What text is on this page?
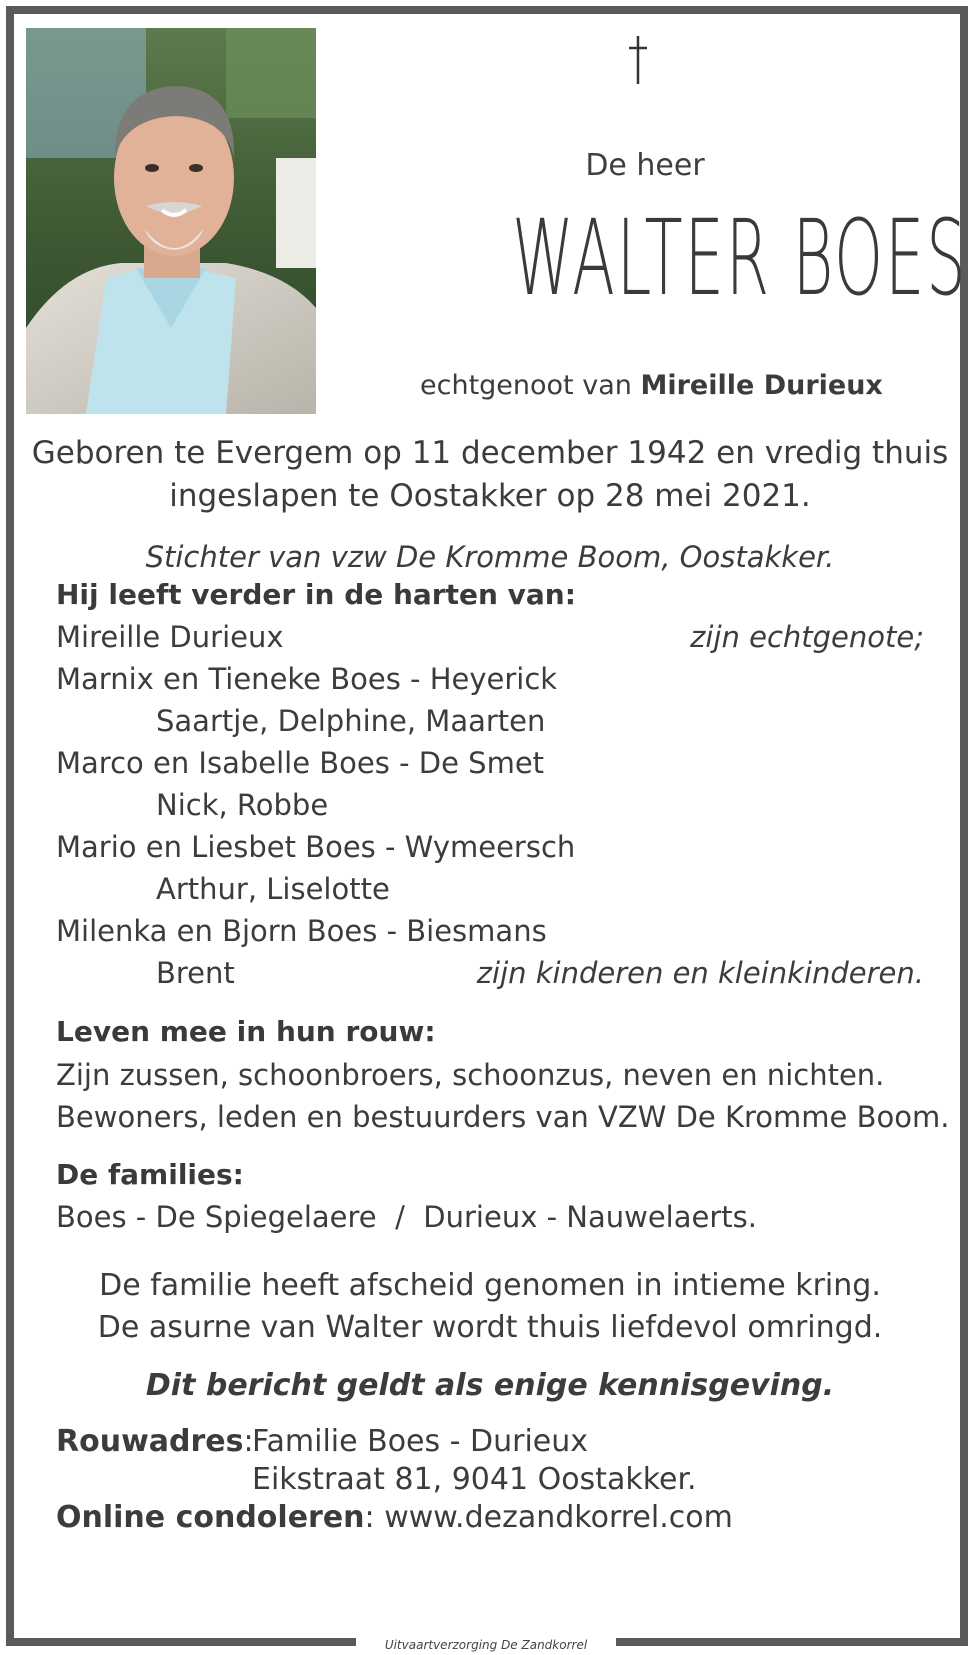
Uitvaartverzorging De Zandkorrel
De heer
WALTER BOES
echtgenoot van Mireille Durieux
Geboren te Evergem op 11 december 1942 en vredig thuis
ingeslapen te Oostakker op 28 mei 2021.
Stichter van vzw De Kromme Boom, Oostakker.
Hij leeft verder in de harten van:
Mireille Durieux	zijn echtgenote;
Marnix en Tieneke Boes - Heyerick
Saartje, Delphine, Maarten
Marco en Isabelle Boes - De Smet
Nick, Robbe
Mario en Liesbet Boes - Wymeersch
Arthur, Liselotte
Milenka en Bjorn Boes - Biesmans
Brent	zijn kinderen en kleinkinderen.
Leven mee in hun rouw:
Zijn zussen, schoonbroers, schoonzus, neven en nichten.
Bewoners, leden en bestuurders van VZW De Kromme Boom.
De families:
Boes - De Spiegelaere  /  Durieux - Nauwelaerts.
De familie heeft afscheid genomen in intieme kring.
De asurne van Walter wordt thuis liefdevol omringd.
Dit bericht geldt als enige kennisgeving.
Rouwadres:
Familie Boes - Durieux
Eikstraat 81, 9041 Oostakker.
Online condoleren: www.dezandkorrel.com
